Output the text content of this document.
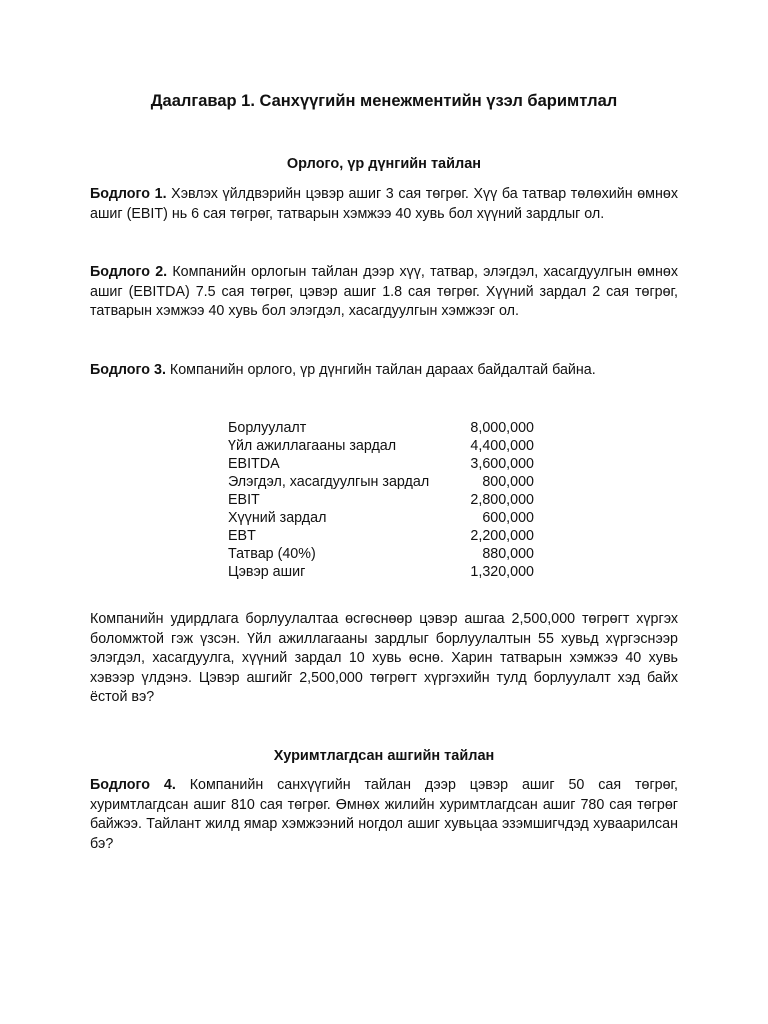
Даалгавар 1. Санхүүгийн менежментийн үзэл баримтлал
Орлого, үр дүнгийн тайлан
Бодлого 1. Хэвлэх үйлдвэрийн цэвэр ашиг 3 сая төгрөг. Хүү ба татвар төлөхийн өмнөх ашиг (EBIT) нь 6 сая төгрөг, татварын хэмжээ 40 хувь бол хүүний зардлыг ол.
Бодлого 2. Компанийн орлогын тайлан дээр хүү, татвар, элэгдэл, хасагдуулгын өмнөх ашиг (EBITDA) 7.5 сая төгрөг, цэвэр ашиг 1.8 сая төгрөг. Хүүний зардал 2 сая төгрөг, татварын хэмжээ 40 хувь бол элэгдэл, хасагдуулгын хэмжээг ол.
Бодлого 3. Компанийн орлого, үр дүнгийн тайлан дараах байдалтай байна.
Борлуулалт	8,000,000
Үйл ажиллагааны зардал	4,400,000
EBITDA	3,600,000
Элэгдэл, хасагдуулгын зардал	800,000
EBIT	2,800,000
Хүүний зардал	600,000
EBT	2,200,000
Татвар (40%)	880,000
Цэвэр ашиг	1,320,000
Компанийн удирдлага борлуулалтаа өсгөснөөр цэвэр ашгаа 2,500,000 төгрөгт хүргэх боломжтой гэж үзсэн. Үйл ажиллагааны зардлыг борлуулалтын 55 хувьд хүргэснээр элэгдэл, хасагдуулга, хүүний зардал 10 хувь өснө. Харин татварын хэмжээ 40 хувь хэвээр үлдэнэ. Цэвэр ашгийг 2,500,000 төгрөгт хүргэхийн тулд борлуулалт хэд байх ёстой вэ?
Хуримтлагдсан ашгийн тайлан
Бодлого 4. Компанийн санхүүгийн тайлан дээр цэвэр ашиг 50 сая төгрөг, хуримтлагдсан ашиг 810 сая төгрөг. Өмнөх жилийн хуримтлагдсан ашиг 780 сая төгрөг байжээ. Тайлант жилд ямар хэмжээний ногдол ашиг хувьцаа эзэмшигчдэд хуваарилсан бэ?
